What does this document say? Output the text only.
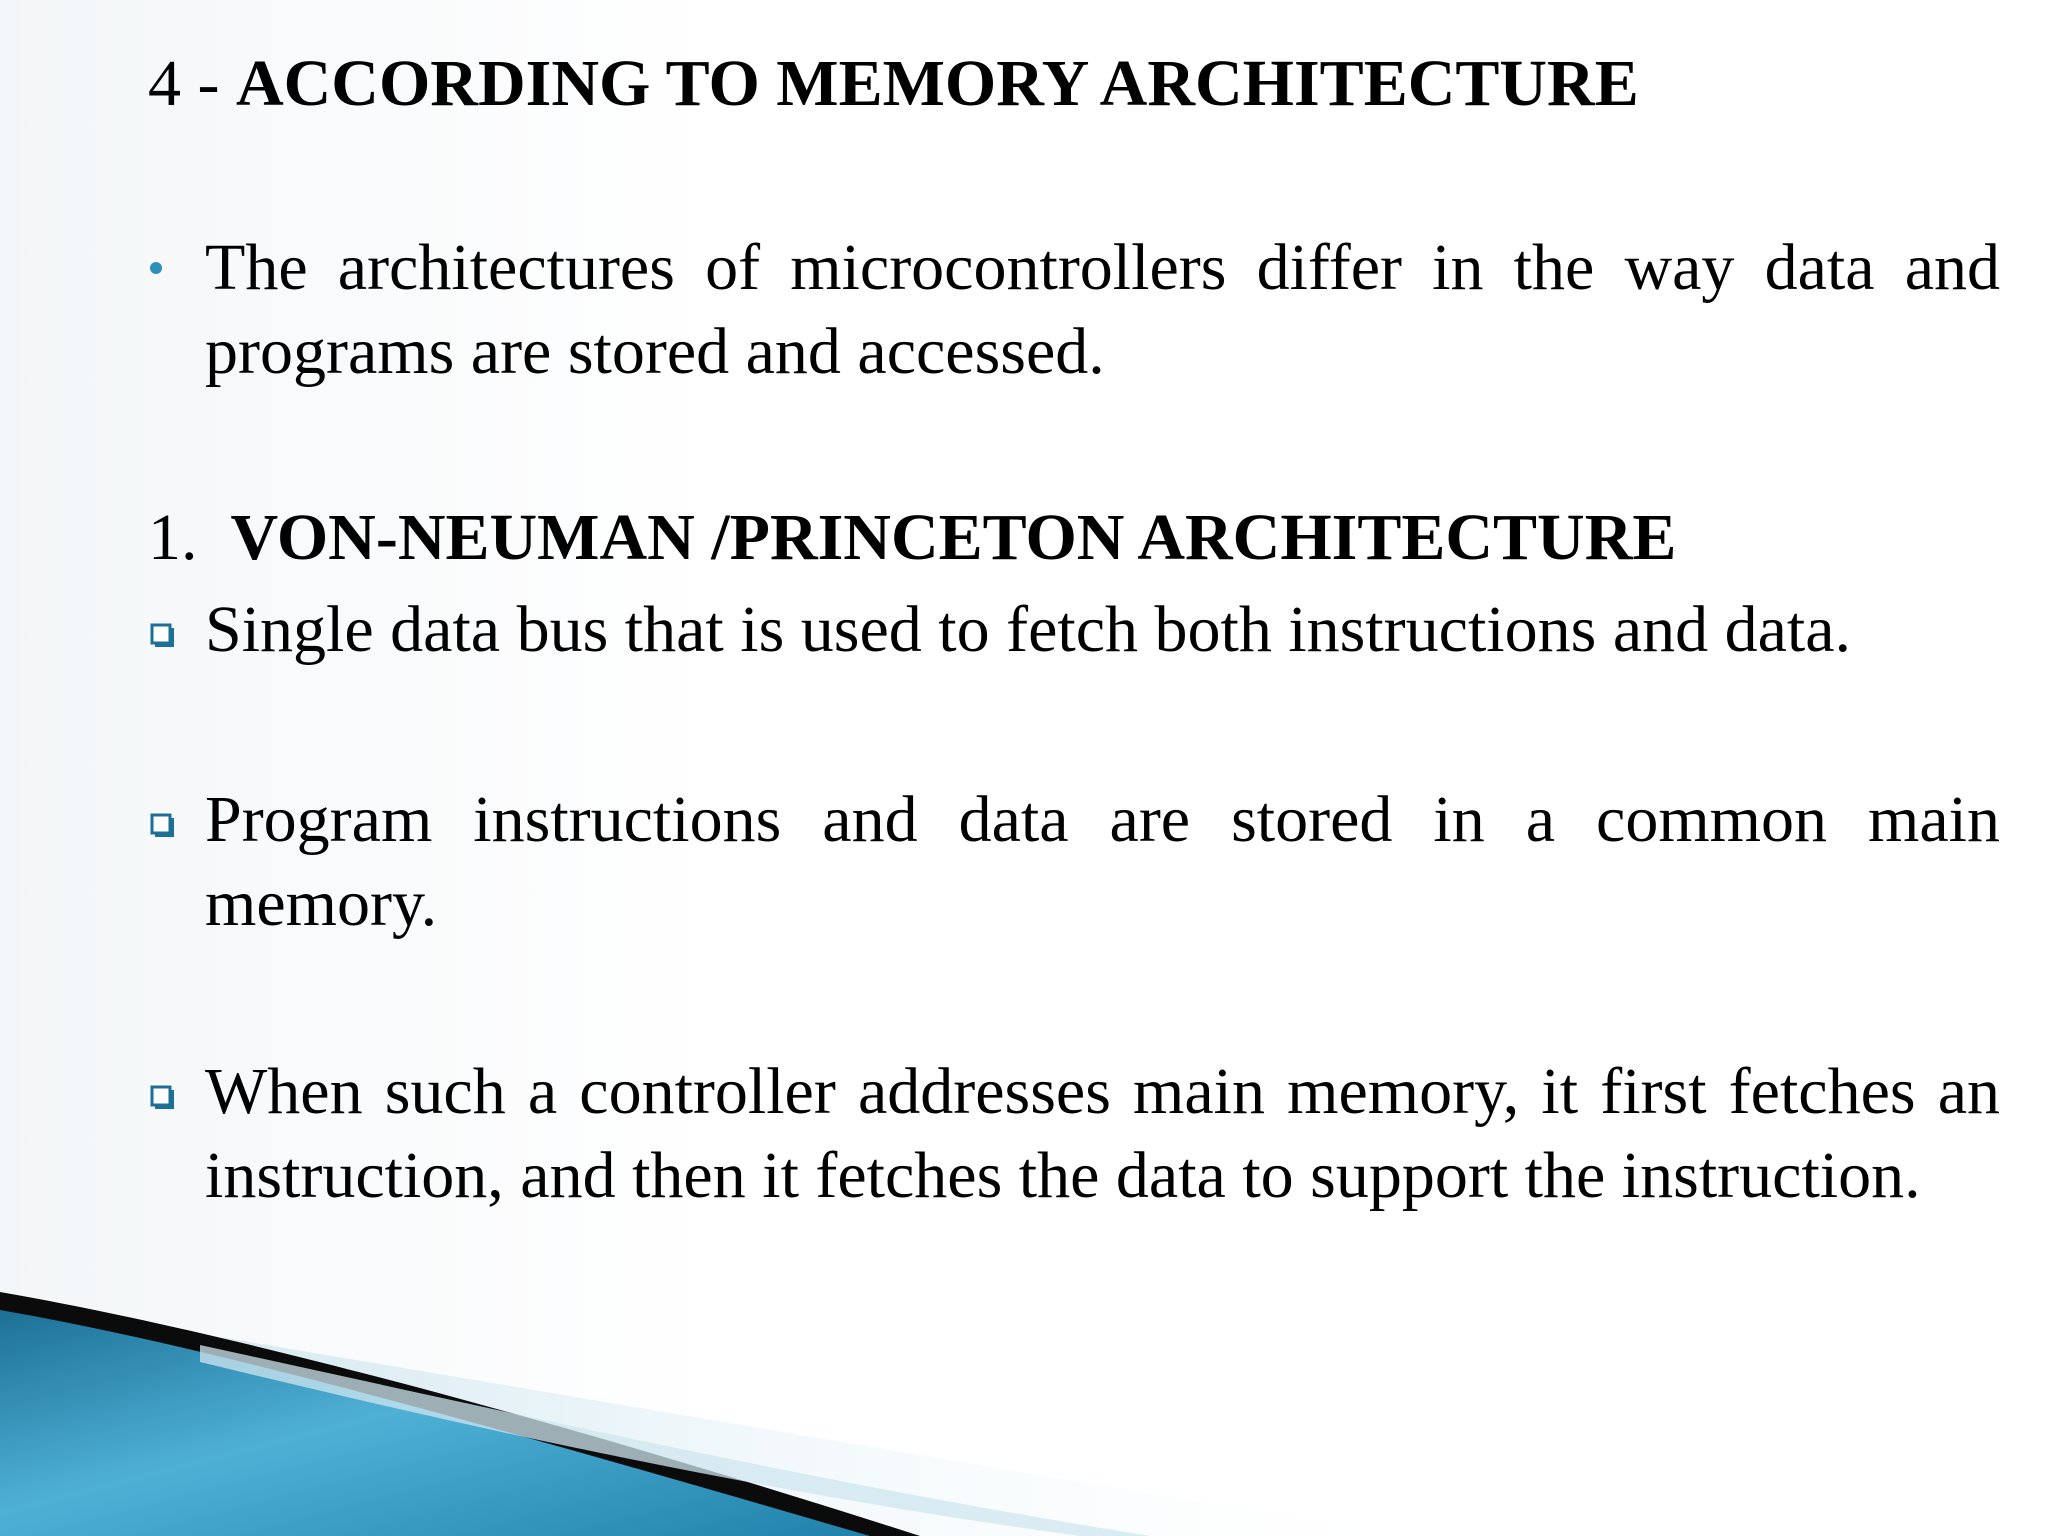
4 - ACCORDING TO MEMORY ARCHITECTURE

The architectures of microcontrollers differ in the way data and programs are stored and accessed.

1. VON-NEUMAN /PRINCETON ARCHITECTURE

Single data bus that is used to fetch both instructions and data.

Program instructions and data are stored in a common main memory.

When such a controller addresses main memory, it first fetches an instruction, and then it fetches the data to support the instruction.
